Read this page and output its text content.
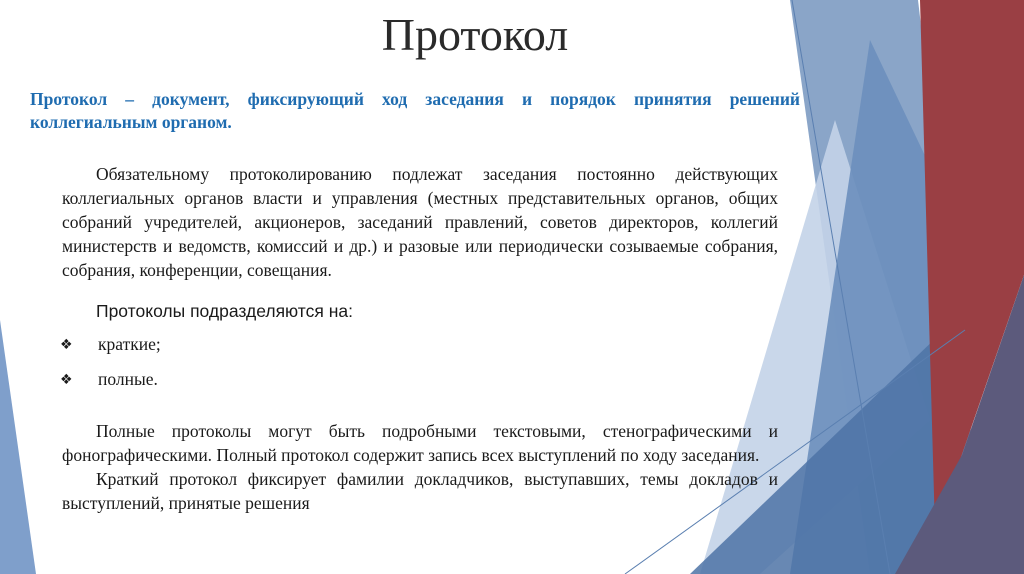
Протокол
Протокол – документ, фиксирующий ход заседания и порядок принятия решений коллегиальным органом.
Обязательному протоколированию подлежат заседания постоянно действующих коллегиальных органов власти и управления (местных представительных органов, общих собраний учредителей, акционеров, заседаний правлений, советов директоров, коллегий министерств и ведомств, комиссий и др.) и разовые или периодически созываемые собрания, собрания, конференции, совещания.
Протоколы подразделяются на:
❖	краткие;
❖	полные.
Полные протоколы могут быть подробными текстовыми, стенографическими и фонографическими. Полный протокол содержит запись всех выступлений по ходу заседания.
Краткий протокол фиксирует фамилии докладчиков, выступавших, темы докладов и выступлений, принятые решения
